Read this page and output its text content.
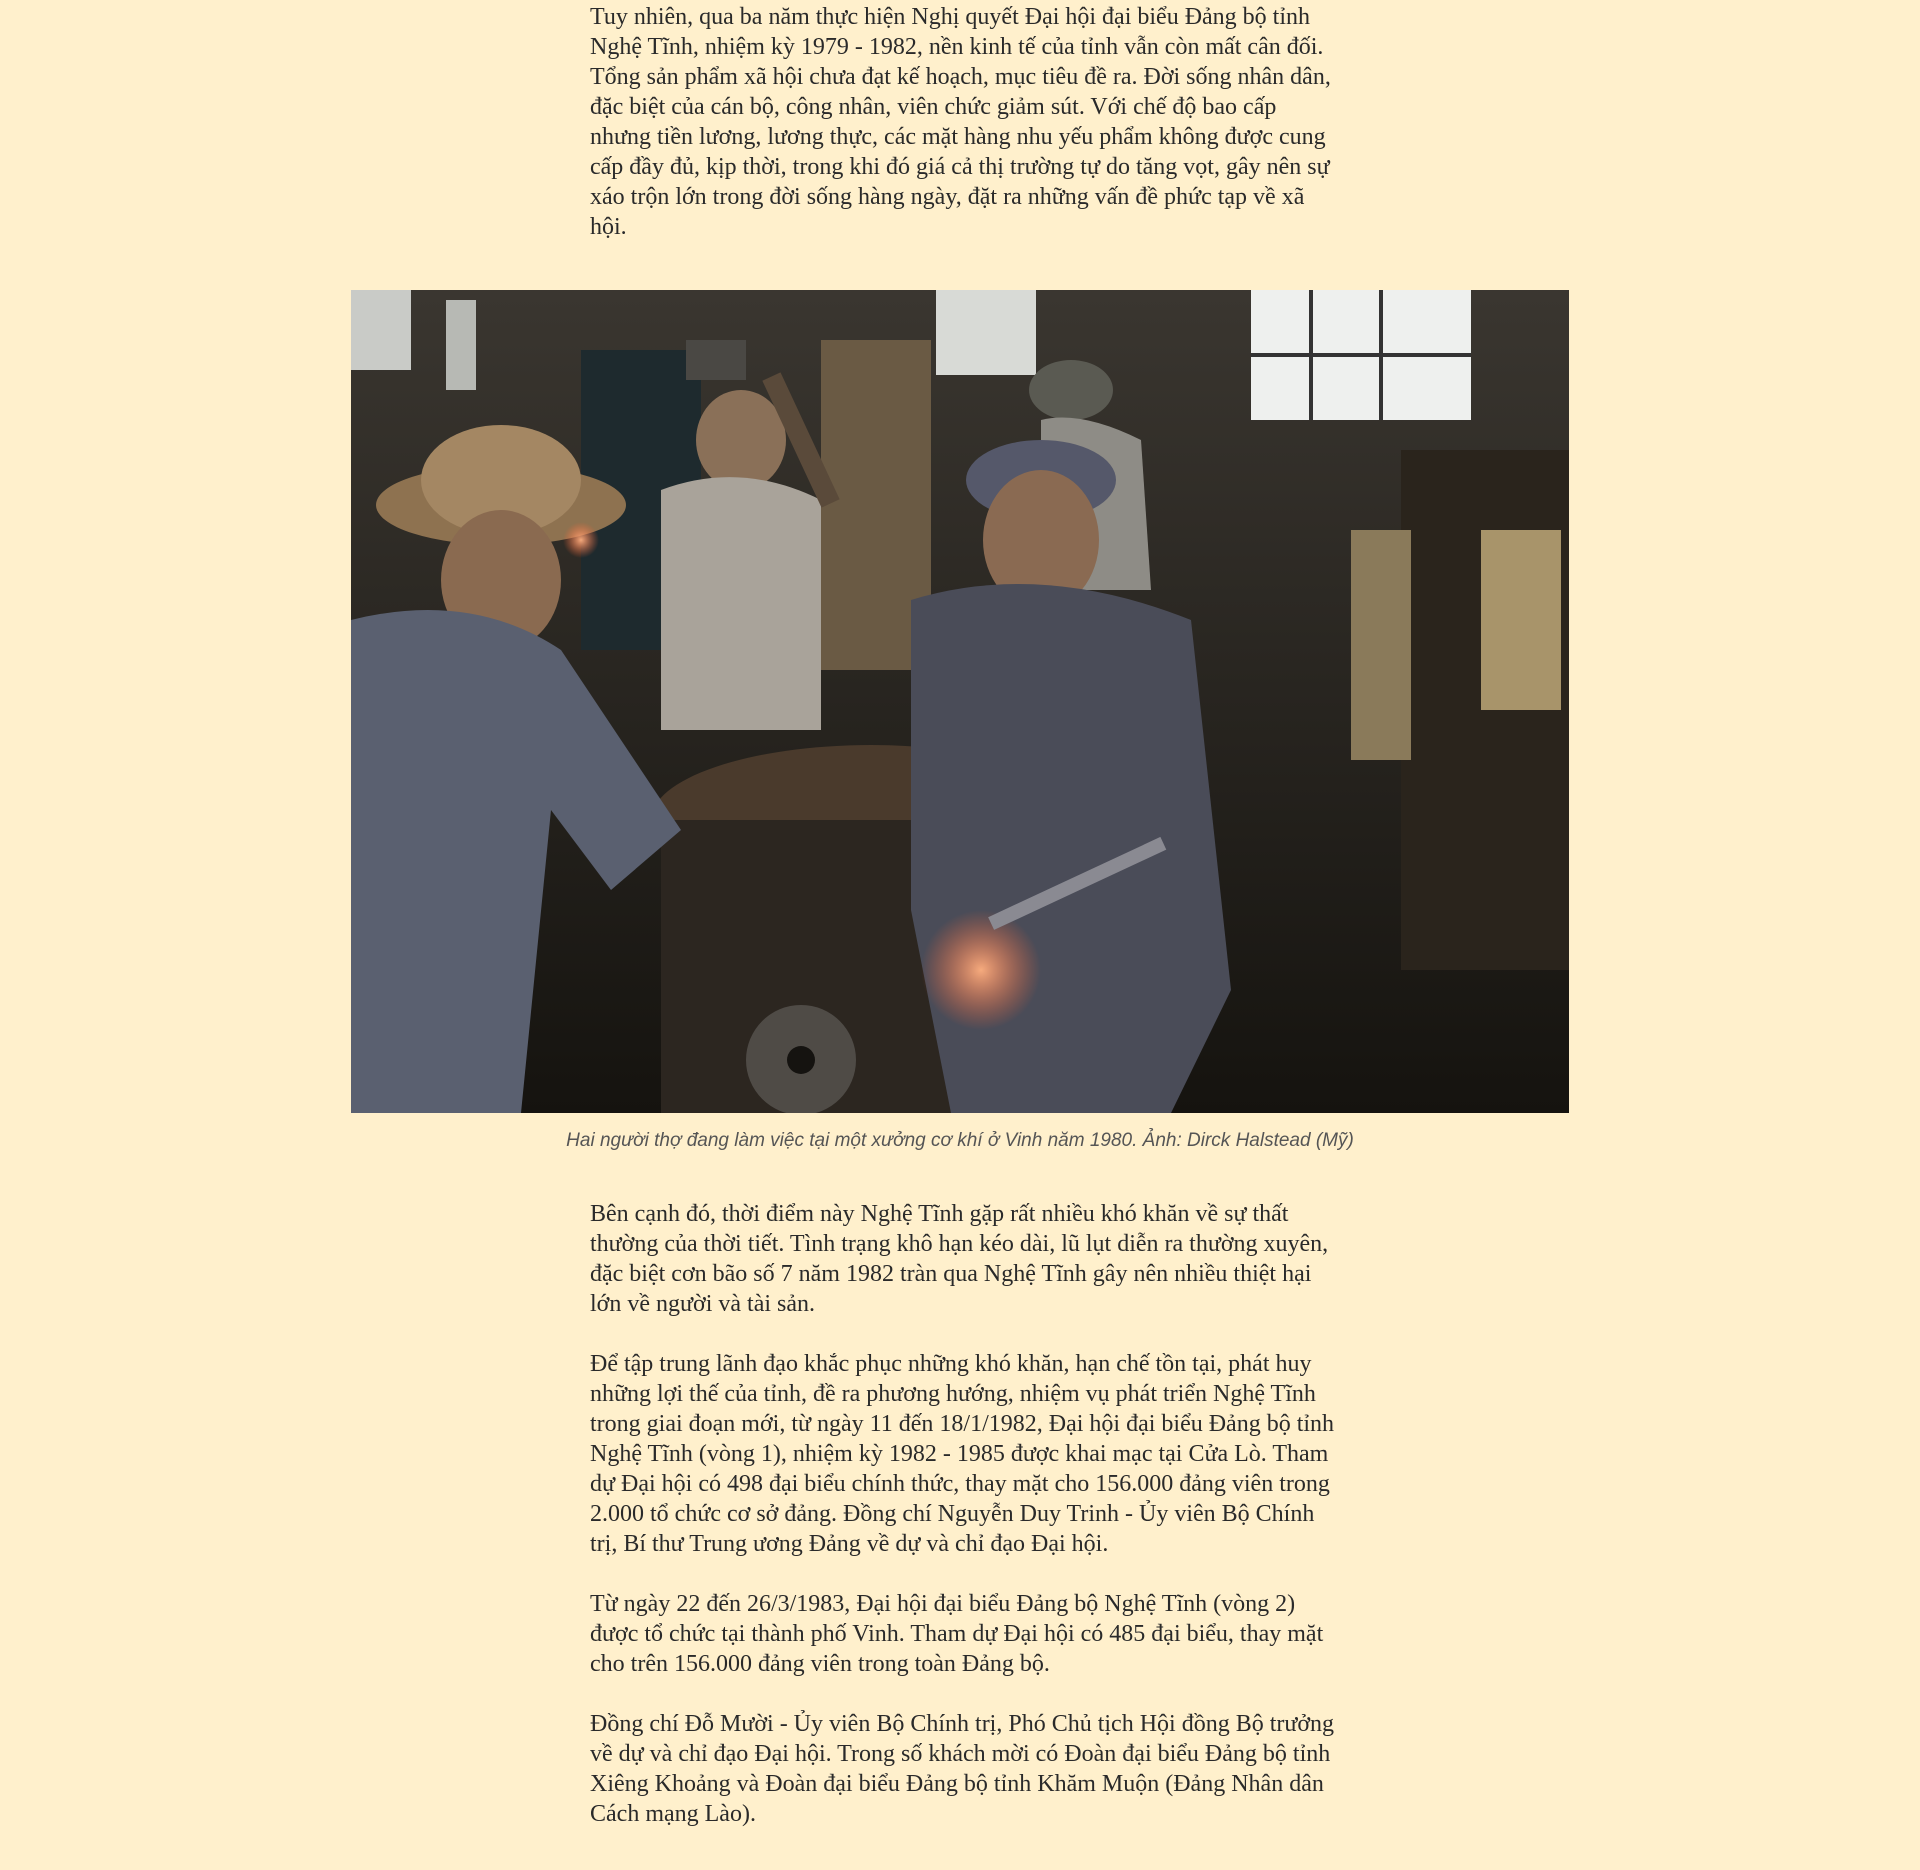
Tuy nhiên, qua ba năm thực hiện Nghị quyết Đại hội đại biểu Đảng bộ tỉnh Nghệ Tĩnh, nhiệm kỳ 1979 - 1982, nền kinh tế của tỉnh vẫn còn mất cân đối. Tổng sản phẩm xã hội chưa đạt kế hoạch, mục tiêu đề ra. Đời sống nhân dân, đặc biệt của cán bộ, công nhân, viên chức giảm sút. Với chế độ bao cấp nhưng tiền lương, lương thực, các mặt hàng nhu yếu phẩm không được cung cấp đầy đủ, kịp thời, trong khi đó giá cả thị trường tự do tăng vọt, gây nên sự xáo trộn lớn trong đời sống hàng ngày, đặt ra những vấn đề phức tạp về xã hội.

Hai người thợ đang làm việc tại một xưởng cơ khí ở Vinh năm 1980. Ảnh: Dirck Halstead (Mỹ)

Bên cạnh đó, thời điểm này Nghệ Tĩnh gặp rất nhiều khó khăn về sự thất thường của thời tiết. Tình trạng khô hạn kéo dài, lũ lụt diễn ra thường xuyên, đặc biệt cơn bão số 7 năm 1982 tràn qua Nghệ Tĩnh gây nên nhiều thiệt hại lớn về người và tài sản.

Để tập trung lãnh đạo khắc phục những khó khăn, hạn chế tồn tại, phát huy những lợi thế của tỉnh, đề ra phương hướng, nhiệm vụ phát triển Nghệ Tĩnh trong giai đoạn mới, từ ngày 11 đến 18/1/1982, Đại hội đại biểu Đảng bộ tỉnh Nghệ Tĩnh (vòng 1), nhiệm kỳ 1982 - 1985 được khai mạc tại Cửa Lò. Tham dự Đại hội có 498 đại biểu chính thức, thay mặt cho 156.000 đảng viên trong 2.000 tổ chức cơ sở đảng. Đồng chí Nguyễn Duy Trinh - Ủy viên Bộ Chính trị, Bí thư Trung ương Đảng về dự và chỉ đạo Đại hội.

Từ ngày 22 đến 26/3/1983, Đại hội đại biểu Đảng bộ Nghệ Tĩnh (vòng 2) được tổ chức tại thành phố Vinh. Tham dự Đại hội có 485 đại biểu, thay mặt cho trên 156.000 đảng viên trong toàn Đảng bộ.

Đồng chí Đỗ Mười - Ủy viên Bộ Chính trị, Phó Chủ tịch Hội đồng Bộ trưởng về dự và chỉ đạo Đại hội. Trong số khách mời có Đoàn đại biểu Đảng bộ tỉnh Xiêng Khoảng và Đoàn đại biểu Đảng bộ tỉnh Khăm Muộn (Đảng Nhân dân Cách mạng Lào).
